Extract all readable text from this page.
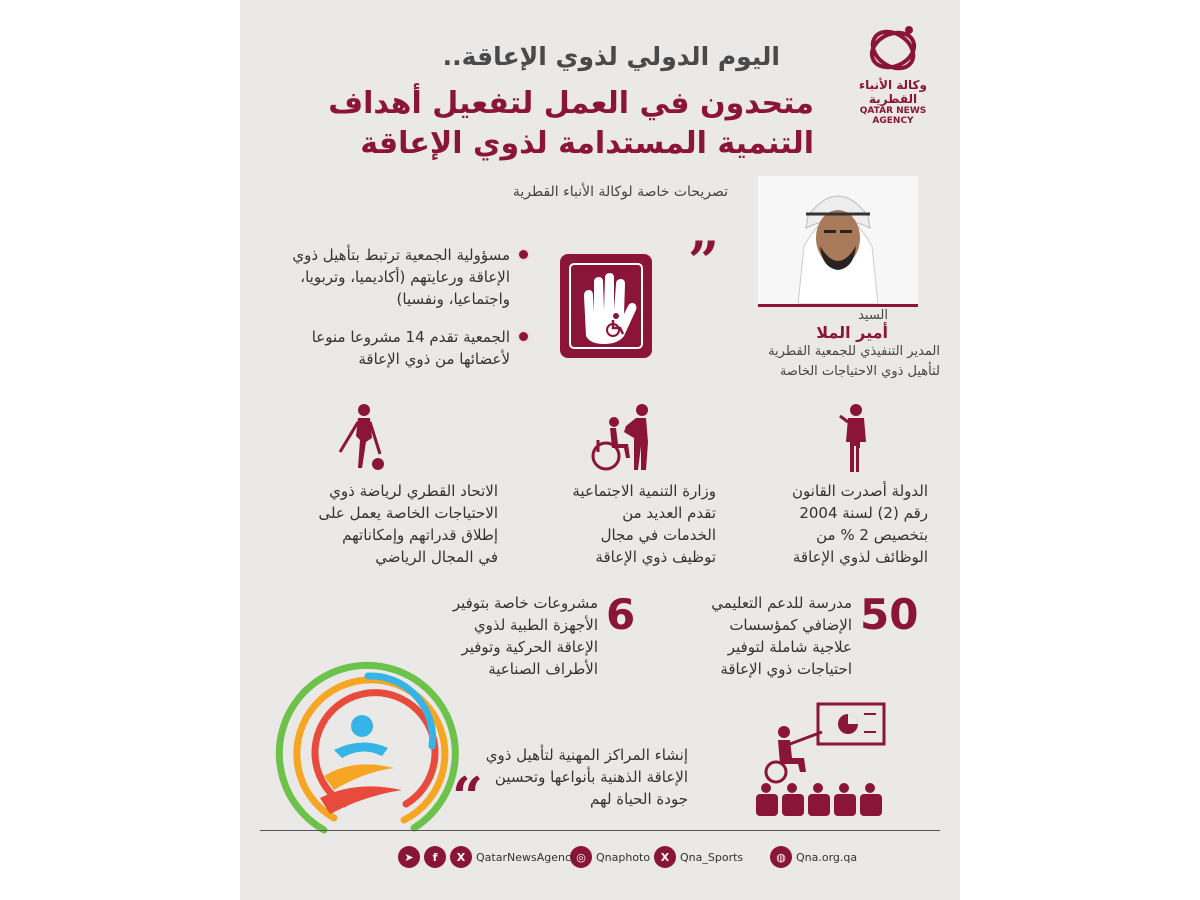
وكالة الأنباء القطرية
QATAR NEWS AGENCY
اليوم الدولي لذوي الإعاقة..
متحدون في العمل لتفعيل أهداف
التنمية المستدامة لذوي الإعاقة
تصريحات خاصة لوكالة الأنباء القطرية
”
مسؤولية الجمعية ترتبط بتأهيل ذوي الإعاقة ورعايتهم (أكاديميا، وتربويا، واجتماعيا، ونفسيا)
الجمعية تقدم 14 مشروعا منوعا لأعضائها من ذوي الإعاقة
السيد
أمير الملا
المدير التنفيذي للجمعية القطرية
لتأهيل ذوي الاحتياجات الخاصة
الدولة أصدرت القانون
رقم (2) لسنة 2004
بتخصيص 2 % من
الوظائف لذوي الإعاقة
وزارة التنمية الاجتماعية
تقدم العديد من
الخدمات في مجال
توظيف ذوي الإعاقة
الاتحاد القطري لرياضة ذوي
الاحتياجات الخاصة يعمل على
إطلاق قدراتهم وإمكاناتهم
في المجال الرياضي
50
مدرسة للدعم التعليمي
الإضافي كمؤسسات
علاجية شاملة لتوفير
احتياجات ذوي الإعاقة
6
مشروعات خاصة بتوفير
الأجهزة الطبية لذوي
الإعاقة الحركية وتوفير
الأطراف الصناعية
“
إنشاء المراكز المهنية لتأهيل ذوي
الإعاقة الذهنية بأنواعها وتحسين
جودة الحياة لهم
◍ Qna.org.qa
X Qna_Sports
◎ Qnaphoto
➤	f	X QatarNewsAgency
